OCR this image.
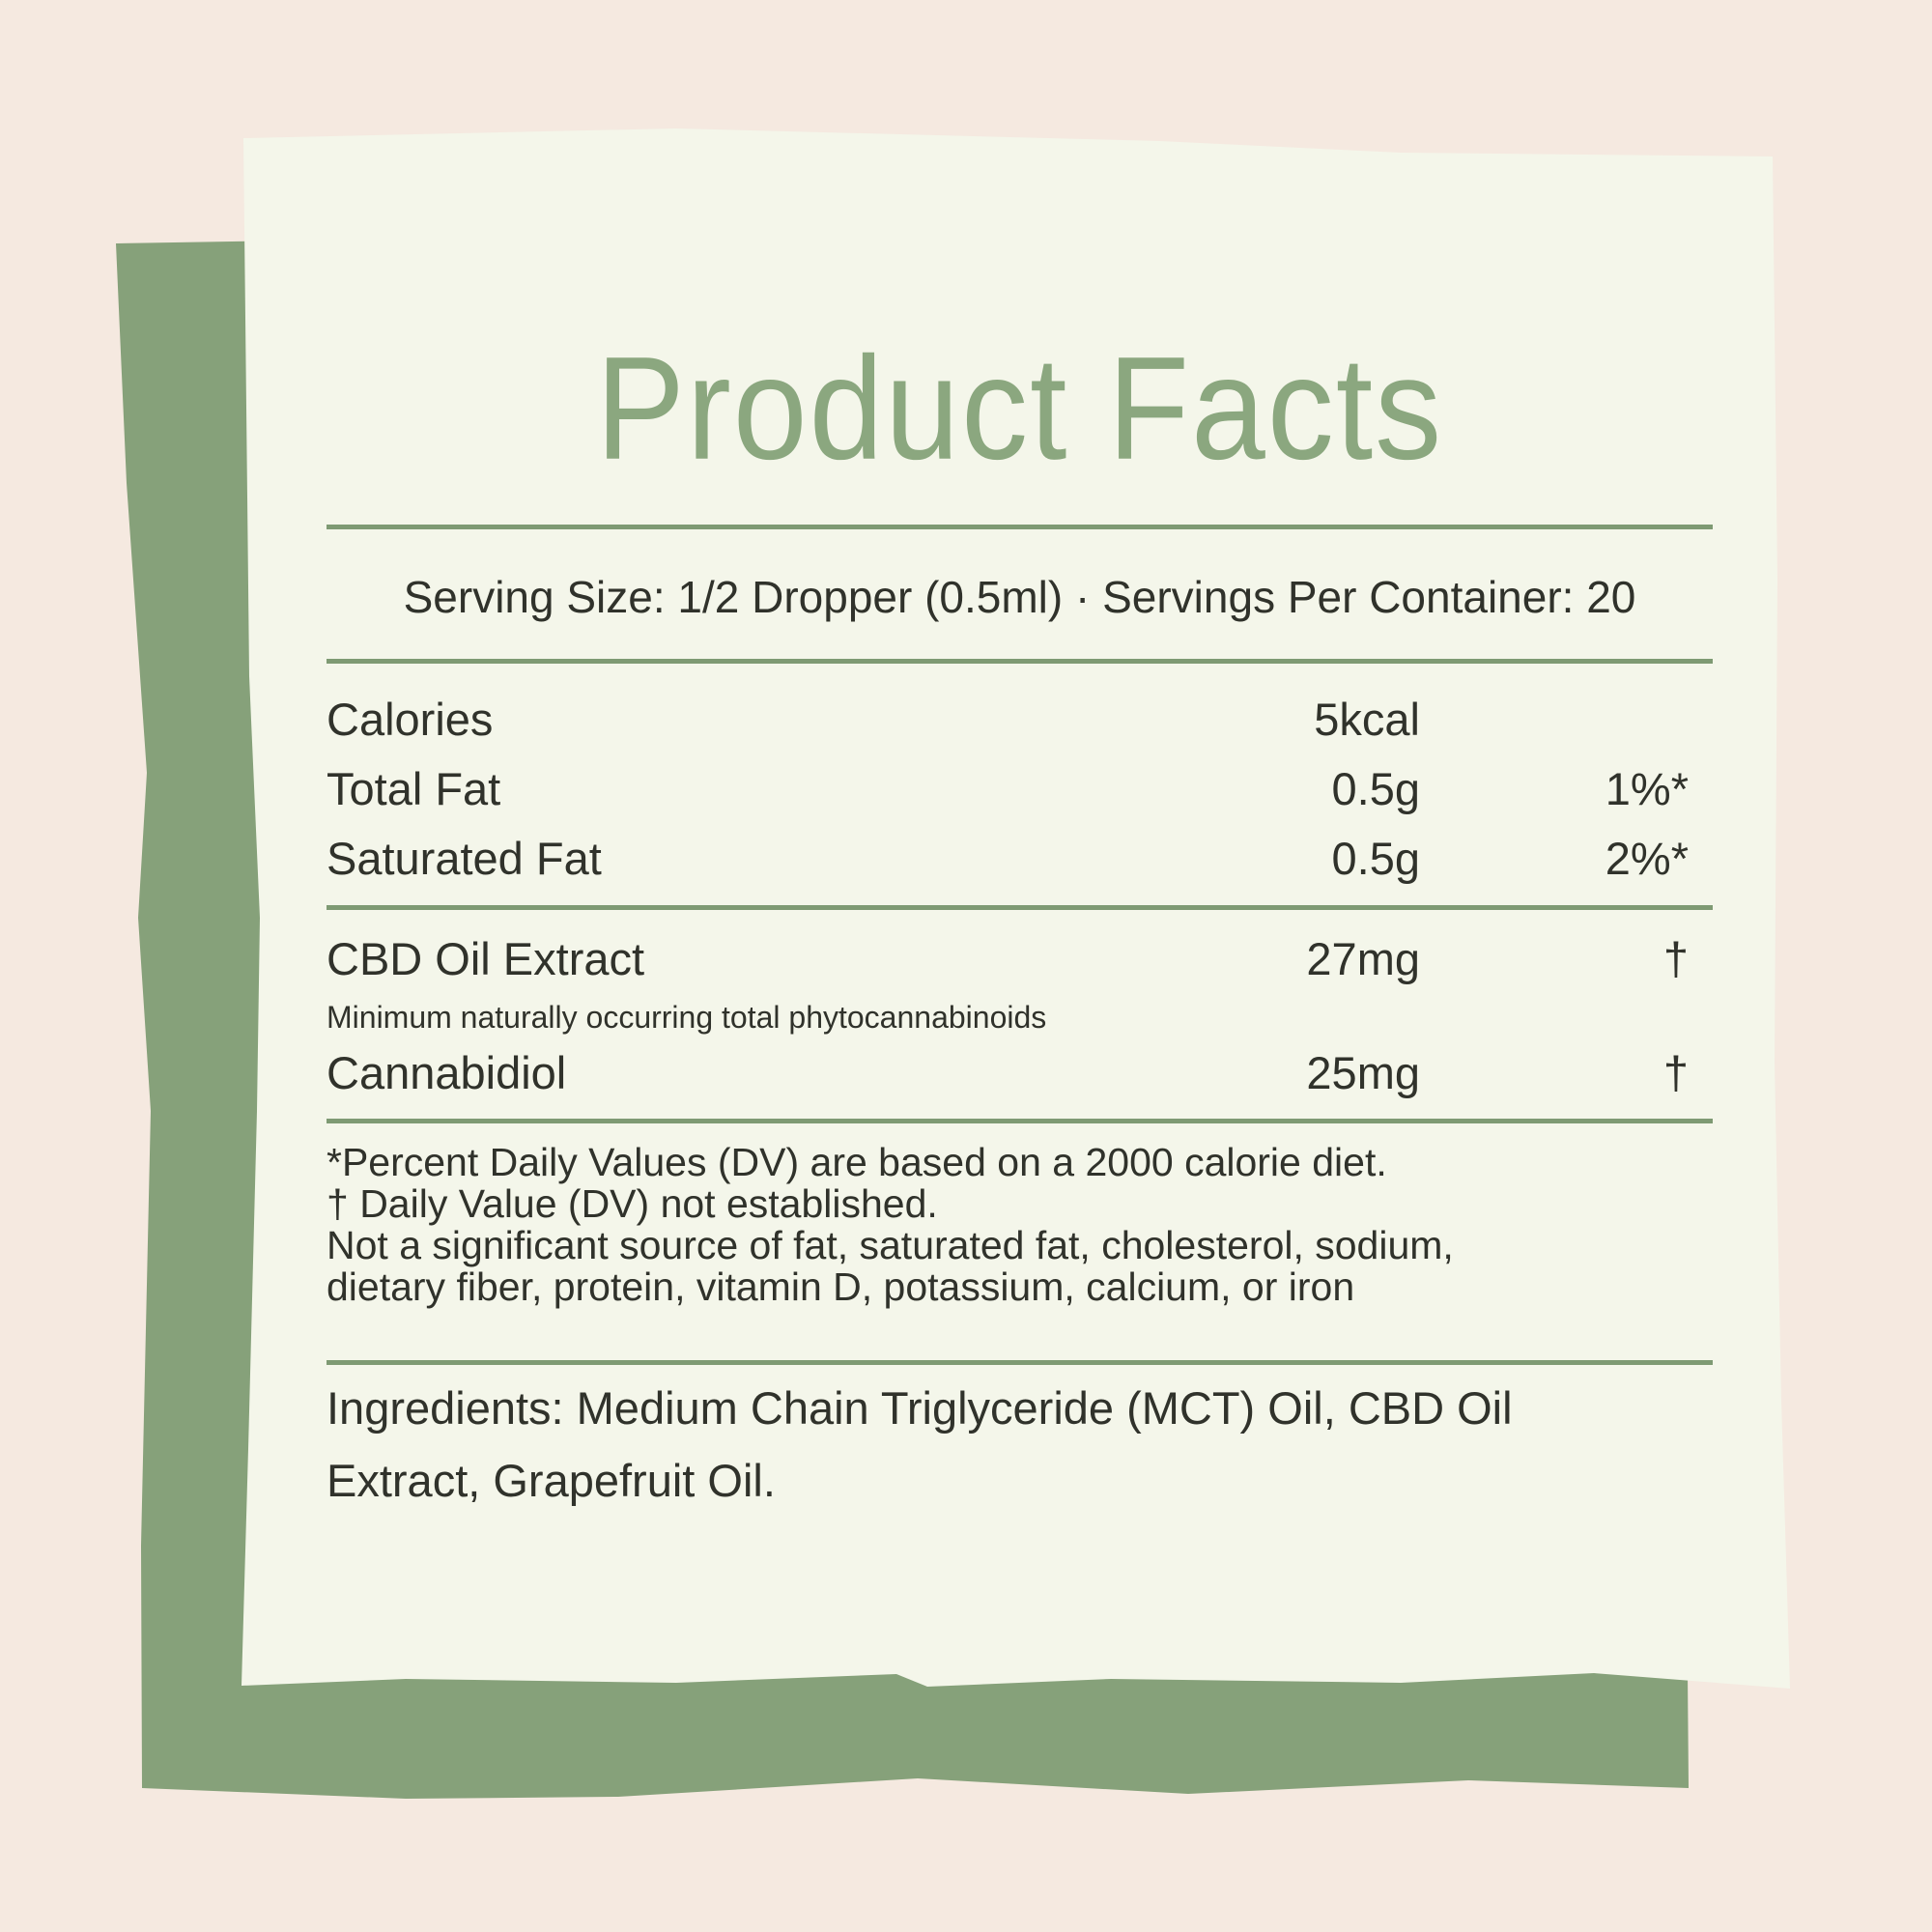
Product Facts
Serving Size: 1/2 Dropper (0.5ml) · Servings Per Container: 20
Calories	5kcal
Total Fat	0.5g	1%*
Saturated Fat	0.5g	2%*
CBD Oil Extract	27mg	†
Minimum naturally occurring total phytocannabinoids
Cannabidiol	25mg	†
*Percent Daily Values (DV) are based on a 2000 calorie diet.
† Daily Value (DV) not established.
Not a significant source of fat, saturated fat, cholesterol, sodium,
dietary fiber, protein, vitamin D, potassium, calcium, or iron
Ingredients: Medium Chain Triglyceride (MCT) Oil, CBD Oil
Extract, Grapefruit Oil.
